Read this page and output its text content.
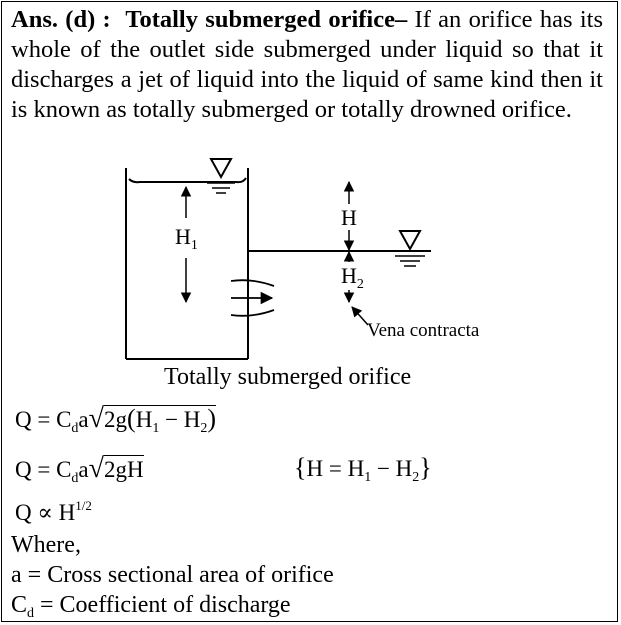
Ans. (d) : Totally submerged orifice– If an orifice has its whole of the outlet side submerged under liquid so that it discharges a jet of liquid into the liquid of same kind then it is known as totally submerged or totally drowned orifice.
$H_1$
H
$H_2$
Vena contracta
Totally submerged orifice
$Q = C_da√2g(H_1 - H_2)$
$Q = C_da√2gH$	$\{H = H_1 - H_2\}$
$Q \propto H^{1/2}$
Where,
a = Cross sectional area of orifice
$C_d$ = Coefficient of discharge
